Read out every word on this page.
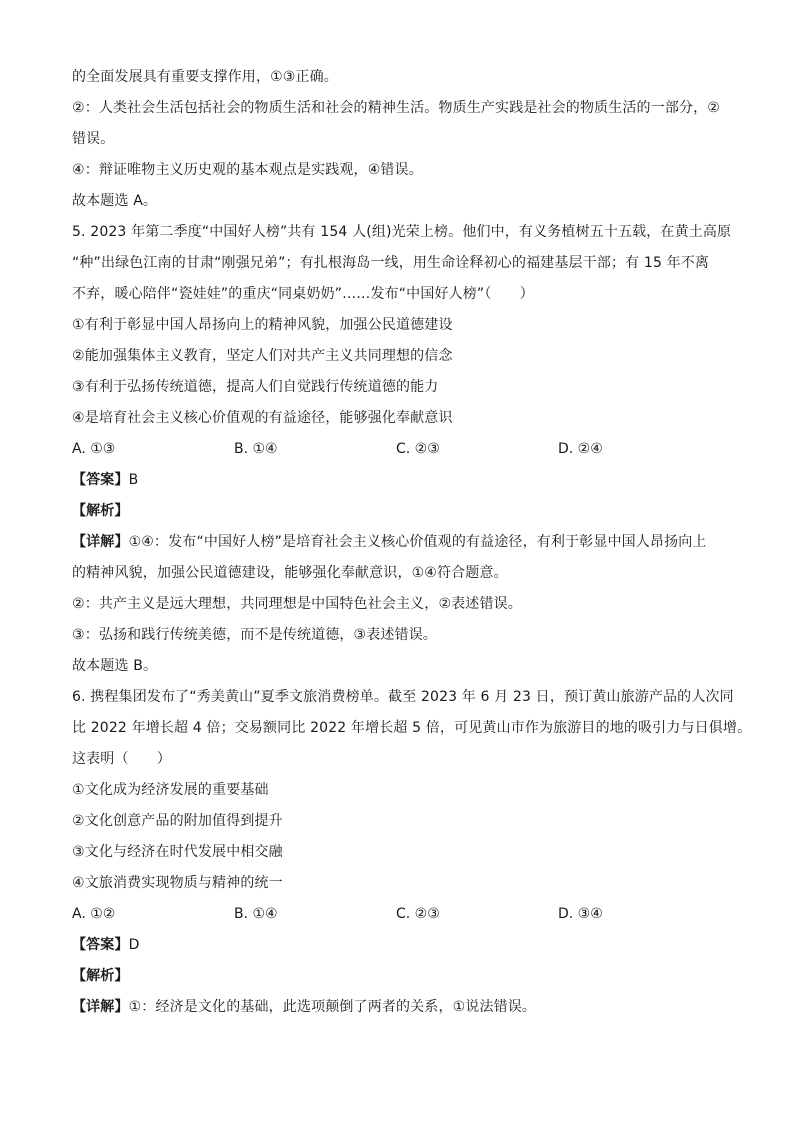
的全面发展具有重要支撑作用，①③正确。
②：人类社会生活包括社会的物质生活和社会的精神生活。物质生产实践是社会的物质生活的一部分，②
错误。
④：辩证唯物主义历史观的基本观点是实践观，④错误。
故本题选 A。
5. 2023 年第二季度“中国好人榜”共有 154 人(组)光荣上榜。他们中，有义务植树五十五载，在黄土高原
“种”出绿色江南的甘肃“刚强兄弟”；有扎根海岛一线，用生命诠释初心的福建基层干部；有 15 年不离
不弃，暖心陪伴“瓷娃娃”的重庆“同桌奶奶”……发布“中国好人榜”（　　）
①有利于彰显中国人昂扬向上的精神风貌，加强公民道德建设
②能加强集体主义教育，坚定人们对共产主义共同理想的信念
③有利于弘扬传统道德，提高人们自觉践行传统道德的能力
④是培育社会主义核心价值观的有益途径，能够强化奉献意识
A. ①③	B. ①④	C. ②③	D. ②④
【答案】B
【解析】
【详解】①④：发布“中国好人榜”是培育社会主义核心价值观的有益途径，有利于彰显中国人昂扬向上
的精神风貌，加强公民道德建设，能够强化奉献意识，①④符合题意。
②：共产主义是远大理想，共同理想是中国特色社会主义，②表述错误。
③：弘扬和践行传统美德，而不是传统道德，③表述错误。
故本题选 B。
6. 携程集团发布了“秀美黄山”夏季文旅消费榜单。截至 2023 年 6 月 23 日，预订黄山旅游产品的人次同
比 2022 年增长超 4 倍；交易额同比 2022 年增长超 5 倍，可见黄山市作为旅游目的地的吸引力与日俱增。
这表明（　　）
①文化成为经济发展的重要基础
②文化创意产品的附加值得到提升
③文化与经济在时代发展中相交融
④文旅消费实现物质与精神的统一
A. ①②	B. ①④	C. ②③	D. ③④
【答案】D
【解析】
【详解】①：经济是文化的基础，此选项颠倒了两者的关系，①说法错误。
